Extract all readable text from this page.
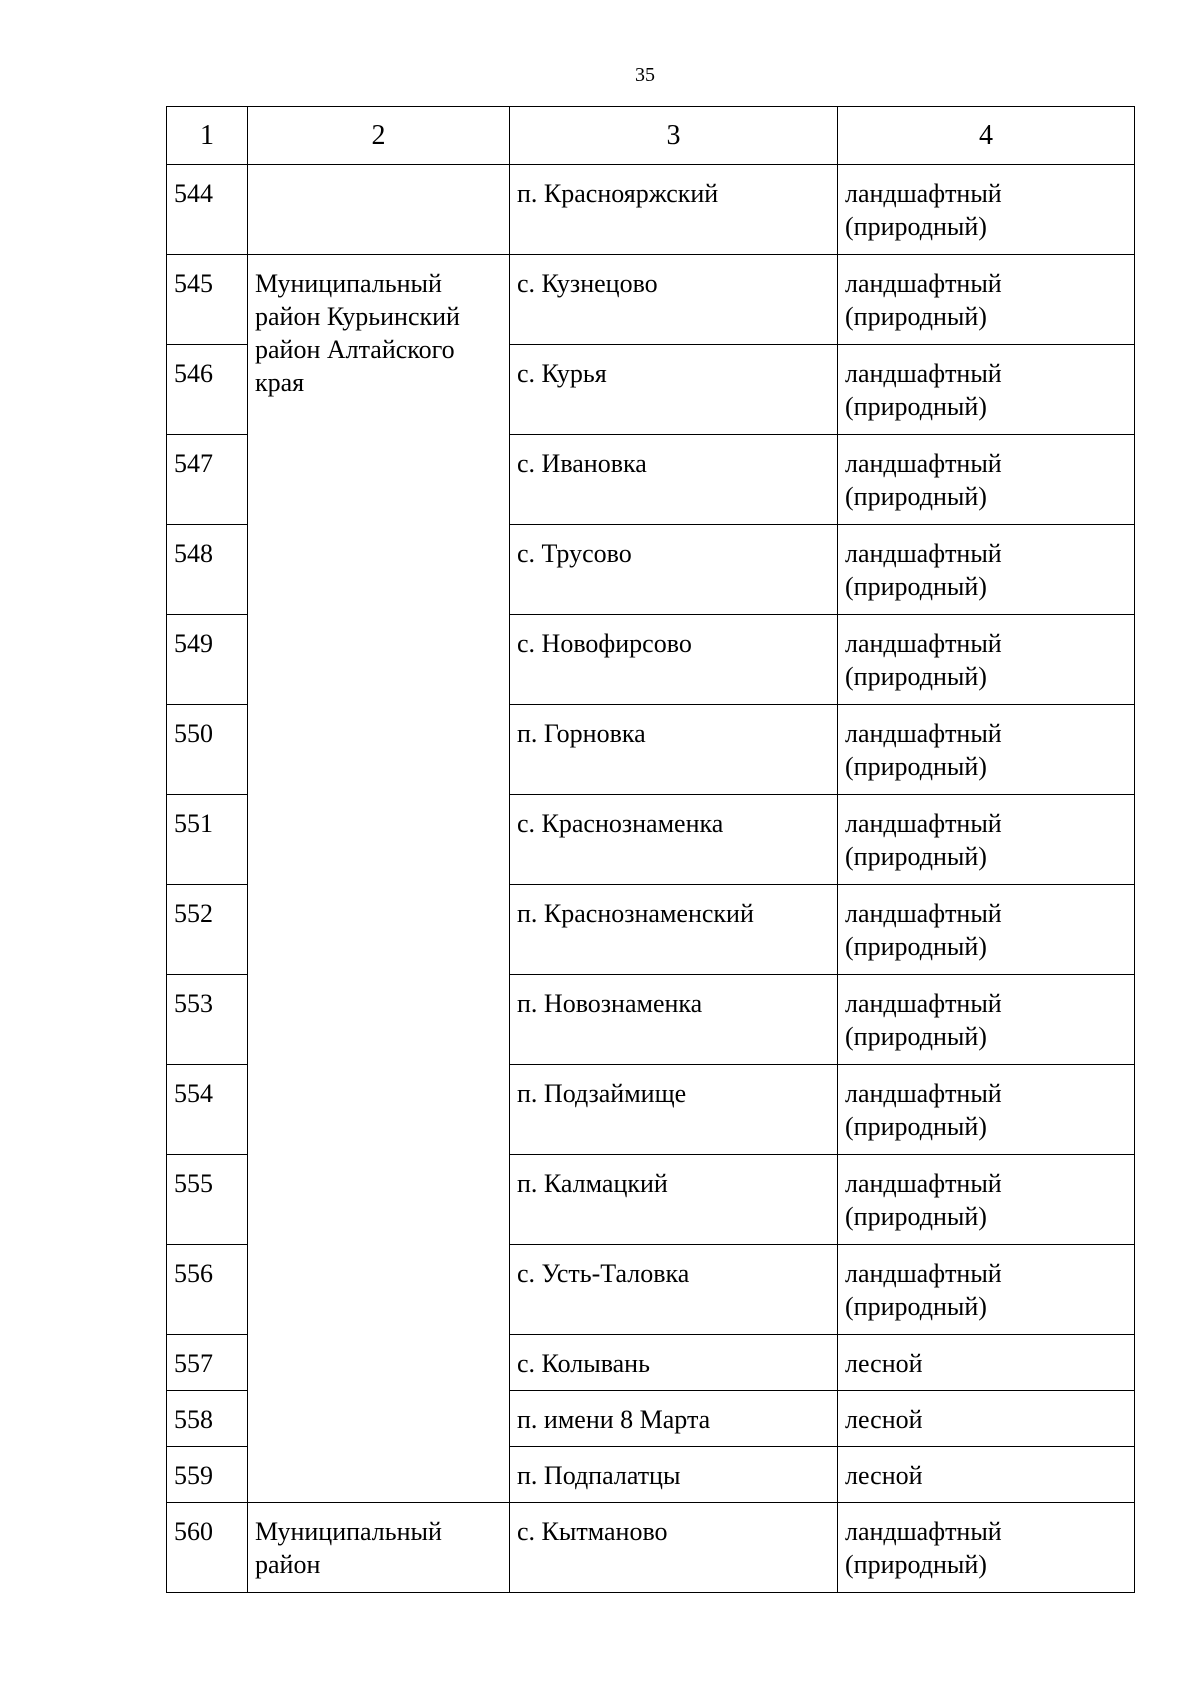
35
1	2	3	4
544		п. Краснояржский	ландшафтный (природный)
545	Муниципальный район Курьинский район Алтайского края	с. Кузнецово	ландшафтный (природный)
546		с. Курья	ландшафтный (природный)
547		с. Ивановка	ландшафтный (природный)
548		с. Трусово	ландшафтный (природный)
549		с. Новофирсово	ландшафтный (природный)
550		п. Горновка	ландшафтный (природный)
551		с. Краснознаменка	ландшафтный (природный)
552		п. Краснознаменский	ландшафтный (природный)
553		п. Новознаменка	ландшафтный (природный)
554		п. Подзаймище	ландшафтный (природный)
555		п. Калмацкий	ландшафтный (природный)
556		с. Усть-Таловка	ландшафтный (природный)
557		с. Колывань	лесной
558		п. имени 8 Марта	лесной
559		п. Подпалатцы	лесной
560	Муниципальный район	с. Кытманово	ландшафтный (природный)
